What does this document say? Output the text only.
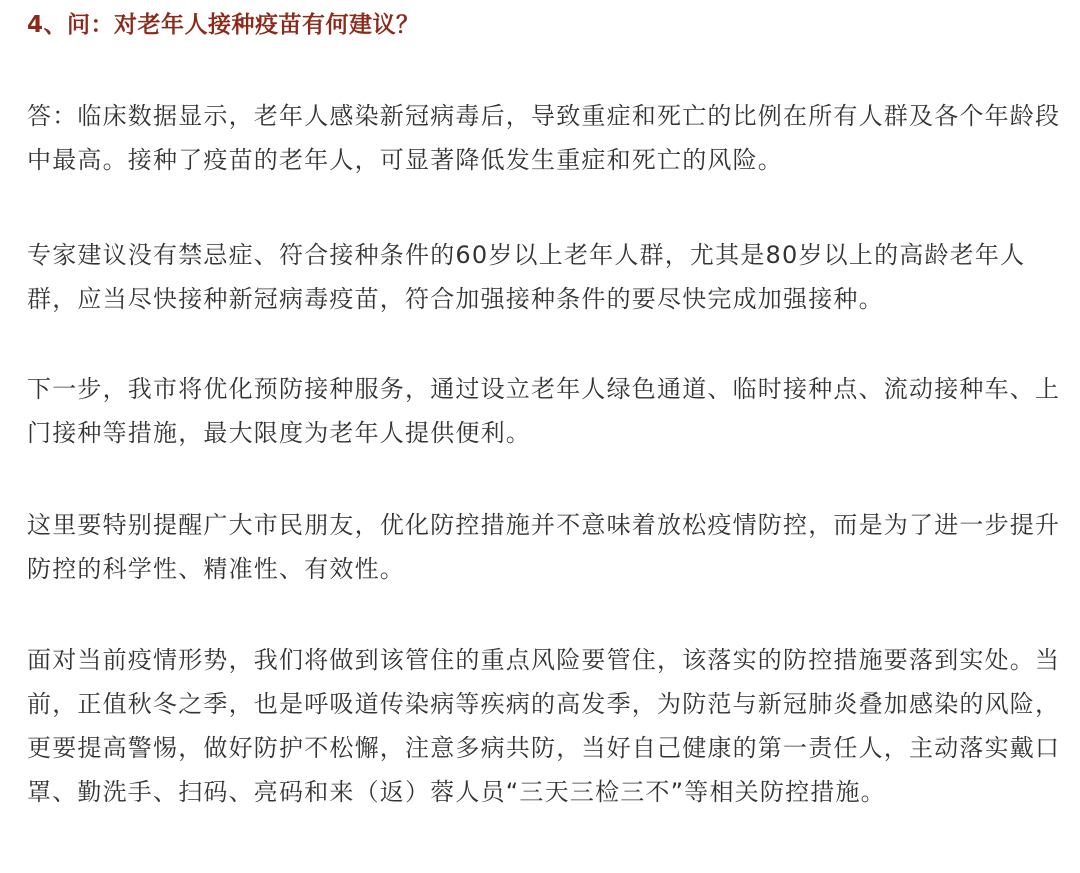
4、问：对老年人接种疫苗有何建议？

答：临床数据显示，老年人感染新冠病毒后，导致重症和死亡的比例在所有人群及各个年龄段中最高。接种了疫苗的老年人，可显著降低发生重症和死亡的风险。

专家建议没有禁忌症、符合接种条件的60岁以上老年人群，尤其是80岁以上的高龄老年人群，应当尽快接种新冠病毒疫苗，符合加强接种条件的要尽快完成加强接种。

下一步，我市将优化预防接种服务，通过设立老年人绿色通道、临时接种点、流动接种车、上门接种等措施，最大限度为老年人提供便利。

这里要特别提醒广大市民朋友，优化防控措施并不意味着放松疫情防控，而是为了进一步提升防控的科学性、精准性、有效性。

面对当前疫情形势，我们将做到该管住的重点风险要管住，该落实的防控措施要落到实处。当前，正值秋冬之季，也是呼吸道传染病等疾病的高发季，为防范与新冠肺炎叠加感染的风险，更要提高警惕，做好防护不松懈，注意多病共防，当好自己健康的第一责任人，主动落实戴口罩、勤洗手、扫码、亮码和来（返）蓉人员“三天三检三不”等相关防控措施。
